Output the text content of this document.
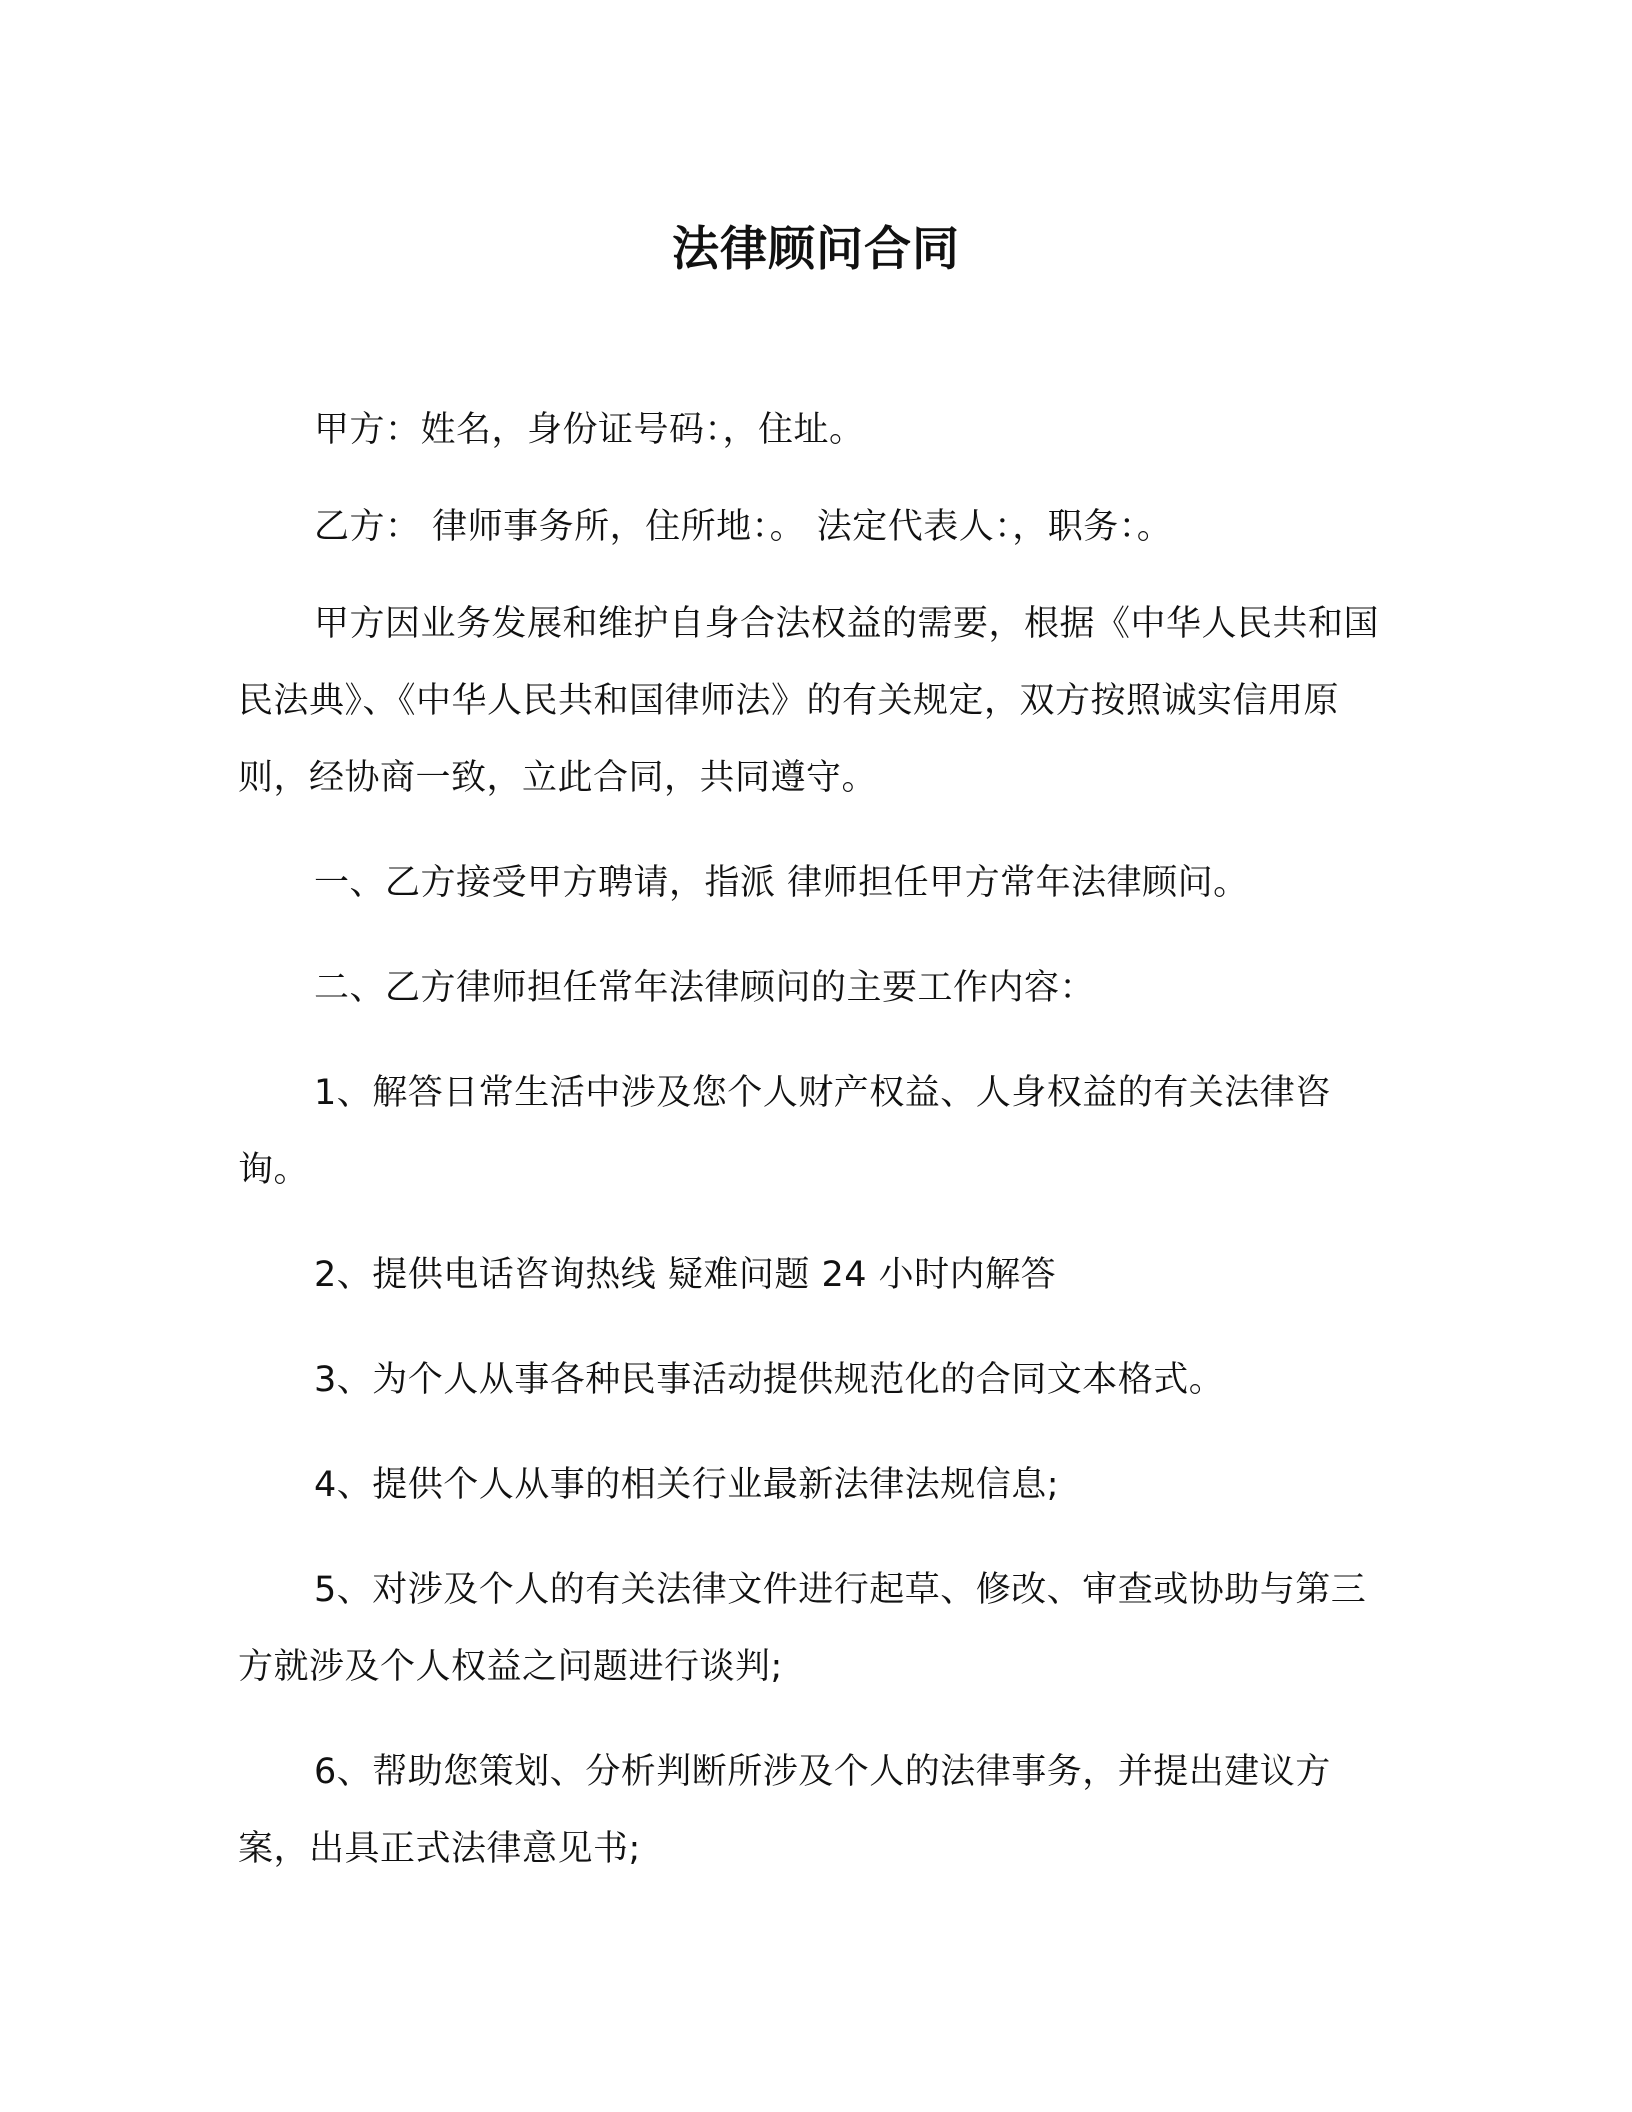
法律顾问合同

甲方：姓名，身份证号码：，住址。

乙方： 律师事务所，住所地：。 法定代表人：，职务：。

甲方因业务发展和维护自身合法权益的需要，根据《中华人民共和国民法典》、《中华人民共和国律师法》的有关规定，双方按照诚实信用原则，经协商一致，立此合同，共同遵守。

一、乙方接受甲方聘请，指派 律师担任甲方常年法律顾问。

二、乙方律师担任常年法律顾问的主要工作内容：

1、解答日常生活中涉及您个人财产权益、人身权益的有关法律咨询。

2、提供电话咨询热线 疑难问题 24 小时内解答

3、为个人从事各种民事活动提供规范化的合同文本格式。

4、提供个人从事的相关行业最新法律法规信息;

5、对涉及个人的有关法律文件进行起草、修改、审查或协助与第三方就涉及个人权益之问题进行谈判;

6、帮助您策划、分析判断所涉及个人的法律事务，并提出建议方案，出具正式法律意见书;
